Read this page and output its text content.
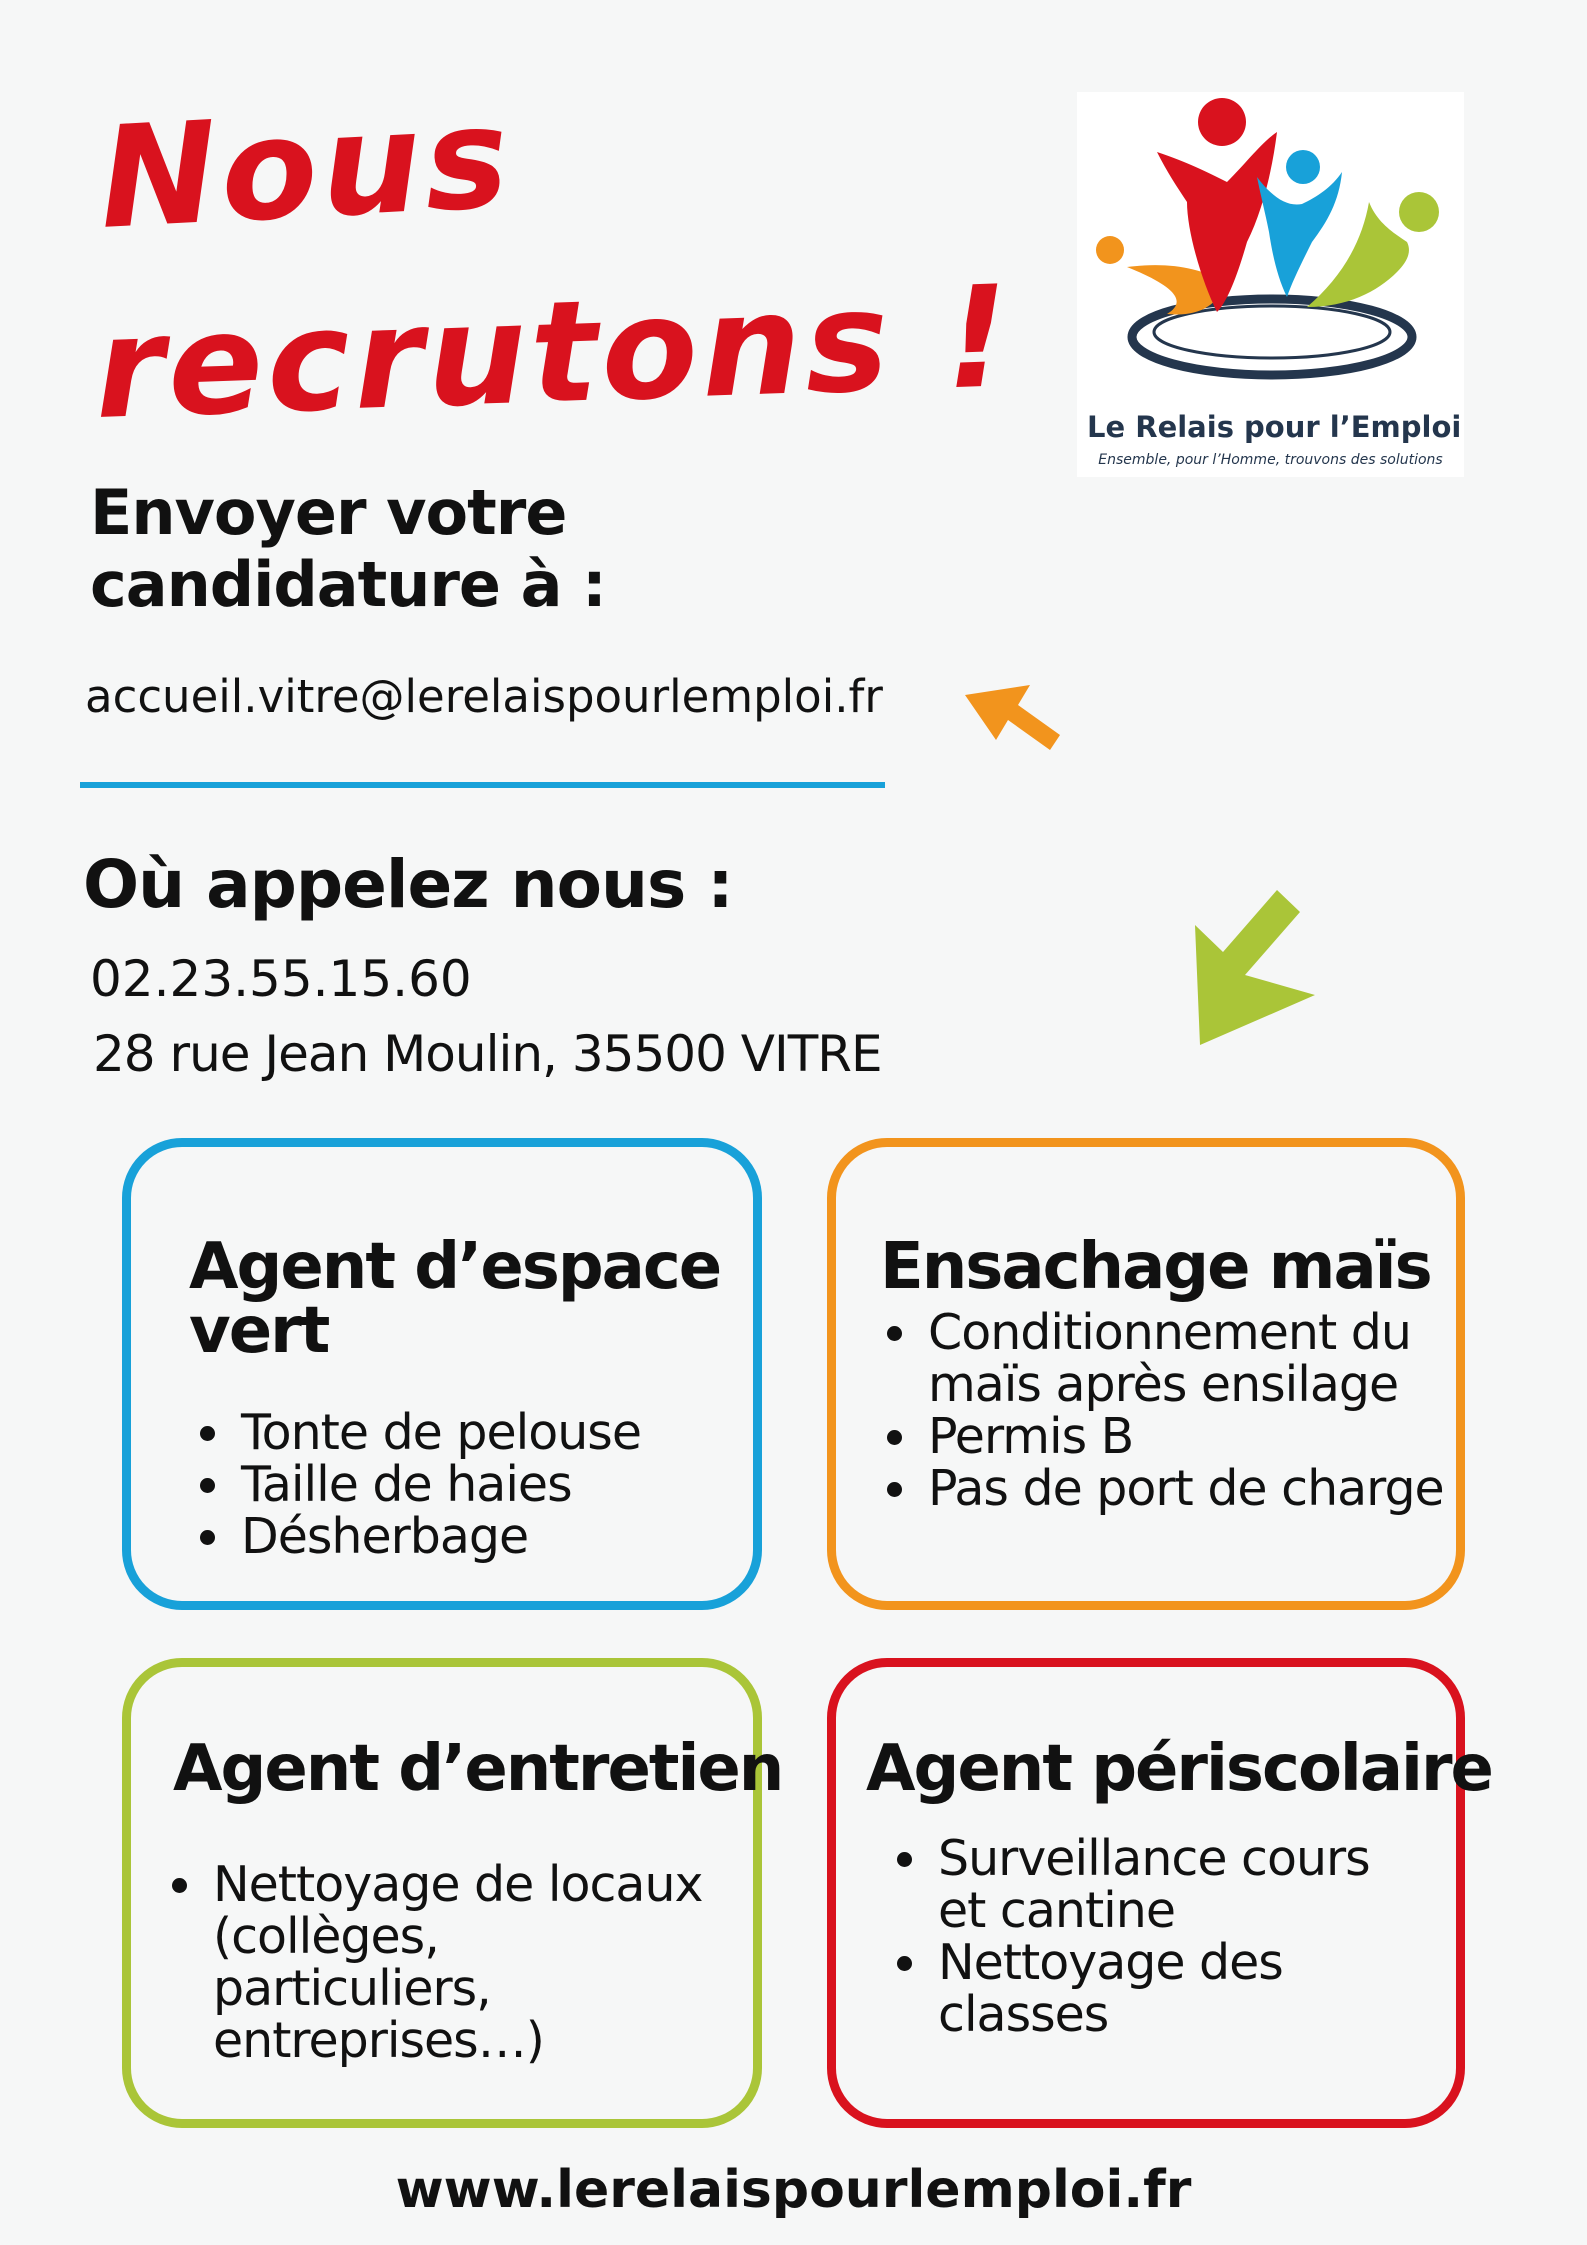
Nous
recrutons ! Le Relais pour l’Emploi
Ensemble, pour l’Homme, trouvons des solutions
Envoyer votre
candidature à :
accueil.vitre@lerelaispourlemploi.fr
Où appelez nous :
02.23.55.15.60
28 rue Jean Moulin, 35500 VITRE
Agent d’espace
vert
• Tonte de pelouse
• Taille de haies
• Désherbage
Ensachage maïs
• Conditionnement du maïs après ensilage
• Permis B
• Pas de port de charge
Agent d’entretien
• Nettoyage de locaux (collèges, particuliers, entreprises…)
Agent périscolaire
• Surveillance cours et cantine
• Nettoyage des classes
www.lerelaispourlemploi.fr
